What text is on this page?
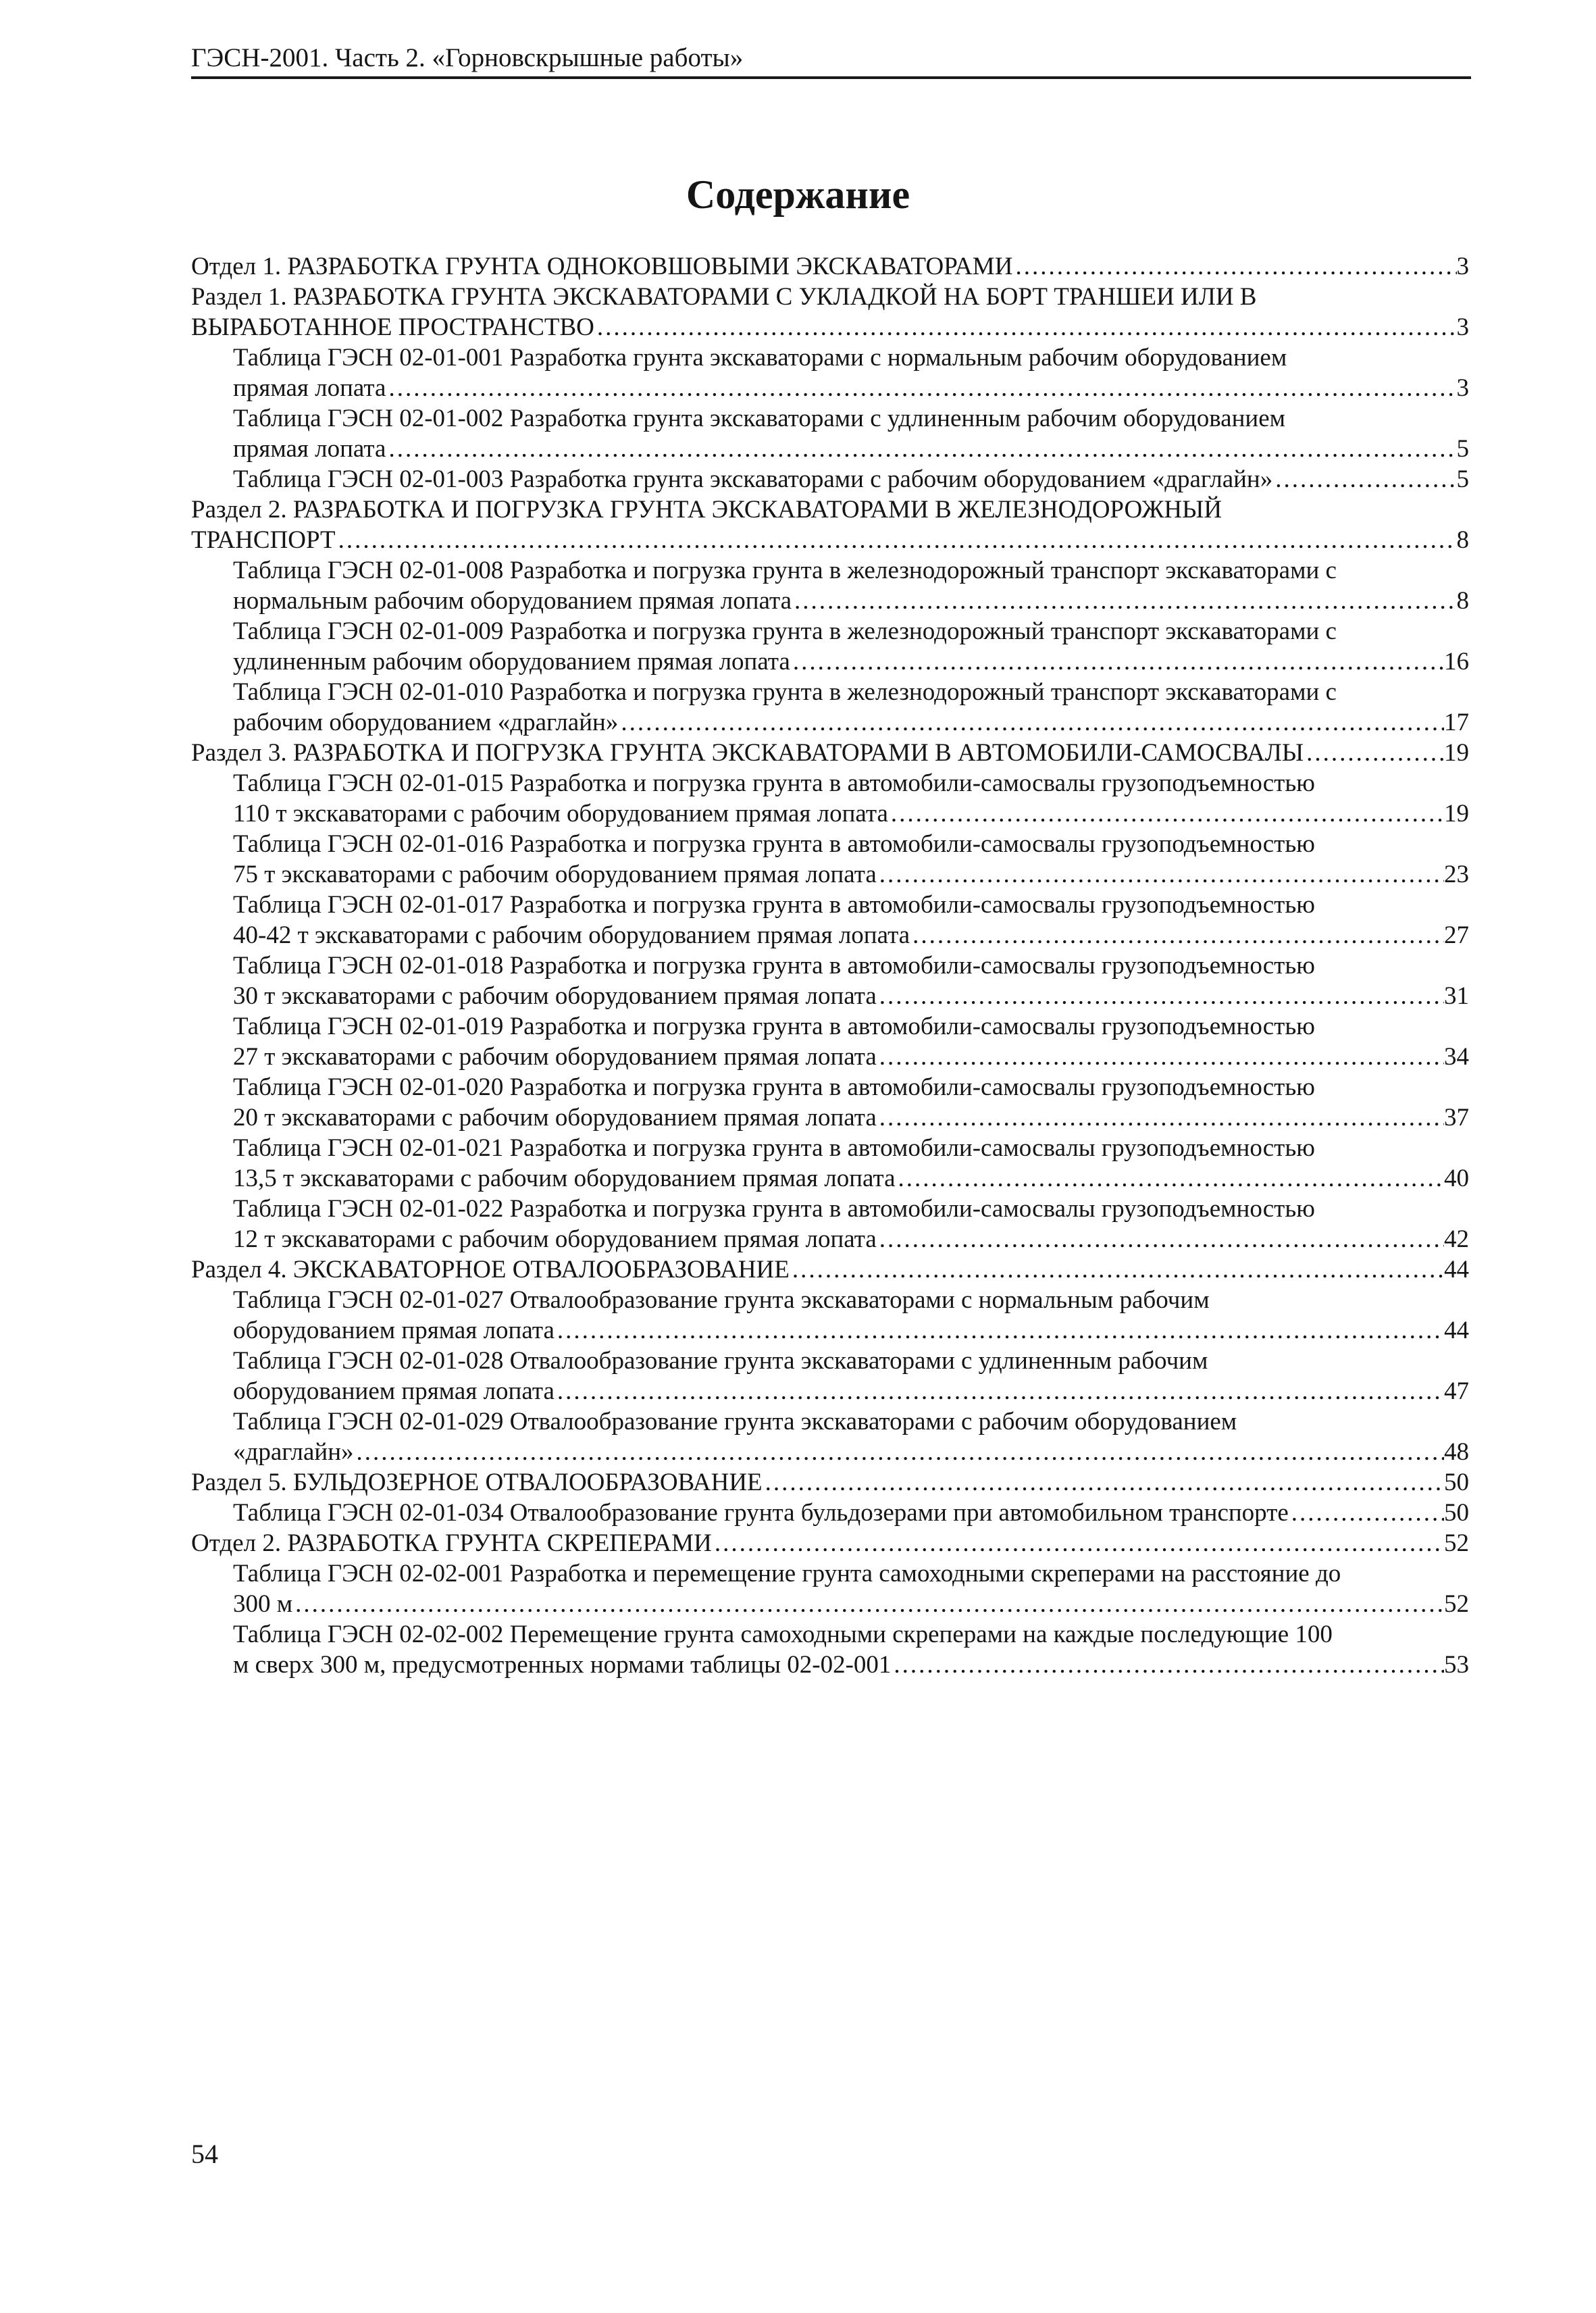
ГЭСН-2001. Часть 2. «Горновскрышные работы»
Содержание
Отдел 1. РАЗРАБОТКА ГРУНТА ОДНОКОВШОВЫМИ ЭКСКАВАТОРАМИ .....	3
Раздел 1. РАЗРАБОТКА ГРУНТА ЭКСКАВАТОРАМИ С УКЛАДКОЙ НА БОРТ ТРАНШЕИ ИЛИ В
ВЫРАБОТАННОЕ ПРОСТРАНСТВО .....	3
Таблица ГЭСН 02-01-001 Разработка грунта экскаваторами с нормальным рабочим оборудованием
прямая лопата .....	3
Таблица ГЭСН 02-01-002 Разработка грунта экскаваторами с удлиненным рабочим оборудованием
прямая лопата .....	5
Таблица ГЭСН 02-01-003 Разработка грунта экскаваторами с рабочим оборудованием «драглайн» .....	5
Раздел 2. РАЗРАБОТКА И ПОГРУЗКА ГРУНТА ЭКСКАВАТОРАМИ В ЖЕЛЕЗНОДОРОЖНЫЙ
ТРАНСПОРТ .....	8
Таблица ГЭСН 02-01-008 Разработка и погрузка грунта в железнодорожный транспорт экскаваторами с
нормальным рабочим оборудованием прямая лопата .....	8
Таблица ГЭСН 02-01-009 Разработка и погрузка грунта в железнодорожный транспорт экскаваторами с
удлиненным рабочим оборудованием прямая лопата .....	16
Таблица ГЭСН 02-01-010 Разработка и погрузка грунта в железнодорожный транспорт экскаваторами с
рабочим оборудованием «драглайн» .....	17
Раздел 3. РАЗРАБОТКА И ПОГРУЗКА ГРУНТА ЭКСКАВАТОРАМИ В АВТОМОБИЛИ-САМОСВАЛЫ .....	19
Таблица ГЭСН 02-01-015 Разработка и погрузка грунта в автомобили-самосвалы грузоподъемностью
110 т экскаваторами с рабочим оборудованием прямая лопата .....	19
Таблица ГЭСН 02-01-016 Разработка и погрузка грунта в автомобили-самосвалы грузоподъемностью
75 т экскаваторами с рабочим оборудованием прямая лопата .....	23
Таблица ГЭСН 02-01-017 Разработка и погрузка грунта в автомобили-самосвалы грузоподъемностью
40-42 т экскаваторами с рабочим оборудованием прямая лопата .....	27
Таблица ГЭСН 02-01-018 Разработка и погрузка грунта в автомобили-самосвалы грузоподъемностью
30 т экскаваторами с рабочим оборудованием прямая лопата .....	31
Таблица ГЭСН 02-01-019 Разработка и погрузка грунта в автомобили-самосвалы грузоподъемностью
27 т экскаваторами с рабочим оборудованием прямая лопата .....	34
Таблица ГЭСН 02-01-020 Разработка и погрузка грунта в автомобили-самосвалы грузоподъемностью
20 т экскаваторами с рабочим оборудованием прямая лопата .....	37
Таблица ГЭСН 02-01-021 Разработка и погрузка грунта в автомобили-самосвалы грузоподъемностью
13,5 т экскаваторами с рабочим оборудованием прямая лопата .....	40
Таблица ГЭСН 02-01-022 Разработка и погрузка грунта в автомобили-самосвалы грузоподъемностью
12 т экскаваторами с рабочим оборудованием прямая лопата .....	42
Раздел 4. ЭКСКАВАТОРНОЕ ОТВАЛООБРАЗОВАНИЕ .....	44
Таблица ГЭСН 02-01-027 Отвалообразование грунта экскаваторами с нормальным рабочим
оборудованием прямая лопата .....	44
Таблица ГЭСН 02-01-028 Отвалообразование грунта экскаваторами с удлиненным рабочим
оборудованием прямая лопата .....	47
Таблица ГЭСН 02-01-029 Отвалообразование грунта экскаваторами с рабочим оборудованием
«драглайн» .....	48
Раздел 5. БУЛЬДОЗЕРНОЕ ОТВАЛООБРАЗОВАНИЕ .....	50
Таблица ГЭСН 02-01-034 Отвалообразование грунта бульдозерами при автомобильном транспорте .....	50
Отдел 2. РАЗРАБОТКА ГРУНТА СКРЕПЕРАМИ .....	52
Таблица ГЭСН 02-02-001 Разработка и перемещение грунта самоходными скреперами на расстояние до
300 м .....	52
Таблица ГЭСН 02-02-002 Перемещение грунта самоходными скреперами на каждые последующие 100
м сверх 300 м, предусмотренных нормами таблицы 02-02-001 .....	53
54
